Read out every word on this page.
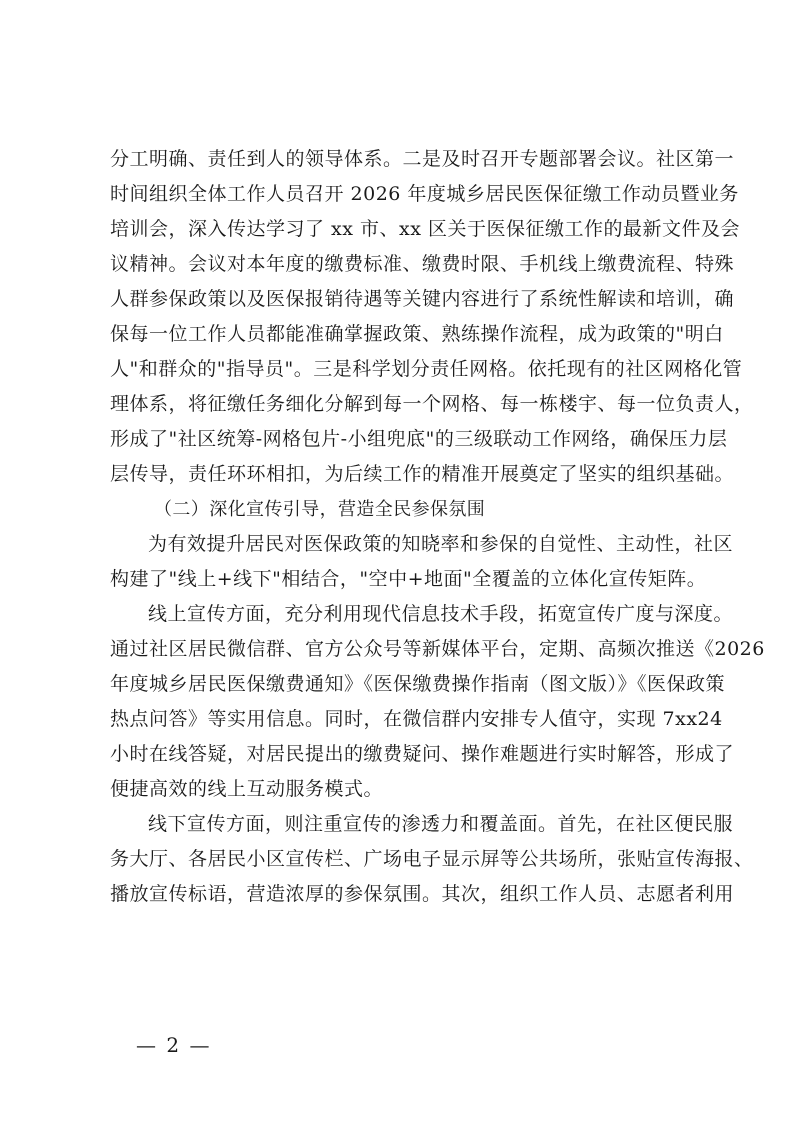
分工明确、责任到人的领导体系。二是及时召开专题部署会议。社区第一
时间组织全体工作人员召开 2026 年度城乡居民医保征缴工作动员暨业务
培训会，深入传达学习了 xx 市、xx 区关于医保征缴工作的最新文件及会
议精神。会议对本年度的缴费标准、缴费时限、手机线上缴费流程、特殊
人群参保政策以及医保报销待遇等关键内容进行了系统性解读和培训，确
保每一位工作人员都能准确掌握政策、熟练操作流程，成为政策的"明白
人"和群众的"指导员"。三是科学划分责任网格。依托现有的社区网格化管
理体系，将征缴任务细化分解到每一个网格、每一栋楼宇、每一位负责人，
形成了"社区统筹-网格包片-小组兜底"的三级联动工作网络，确保压力层
层传导，责任环环相扣，为后续工作的精准开展奠定了坚实的组织基础。
（二）深化宣传引导，营造全民参保氛围
为有效提升居民对医保政策的知晓率和参保的自觉性、主动性，社区
构建了"线上+线下"相结合，"空中+地面"全覆盖的立体化宣传矩阵。
线上宣传方面，充分利用现代信息技术手段，拓宽宣传广度与深度。
通过社区居民微信群、官方公众号等新媒体平台，定期、高频次推送《2026
年度城乡居民医保缴费通知》《医保缴费操作指南（图文版）》《医保政策
热点问答》等实用信息。同时，在微信群内安排专人值守，实现 7xx24
小时在线答疑，对居民提出的缴费疑问、操作难题进行实时解答，形成了
便捷高效的线上互动服务模式。
线下宣传方面，则注重宣传的渗透力和覆盖面。首先，在社区便民服
务大厅、各居民小区宣传栏、广场电子显示屏等公共场所，张贴宣传海报、
播放宣传标语，营造浓厚的参保氛围。其次，组织工作人员、志愿者利用
— 2 —
